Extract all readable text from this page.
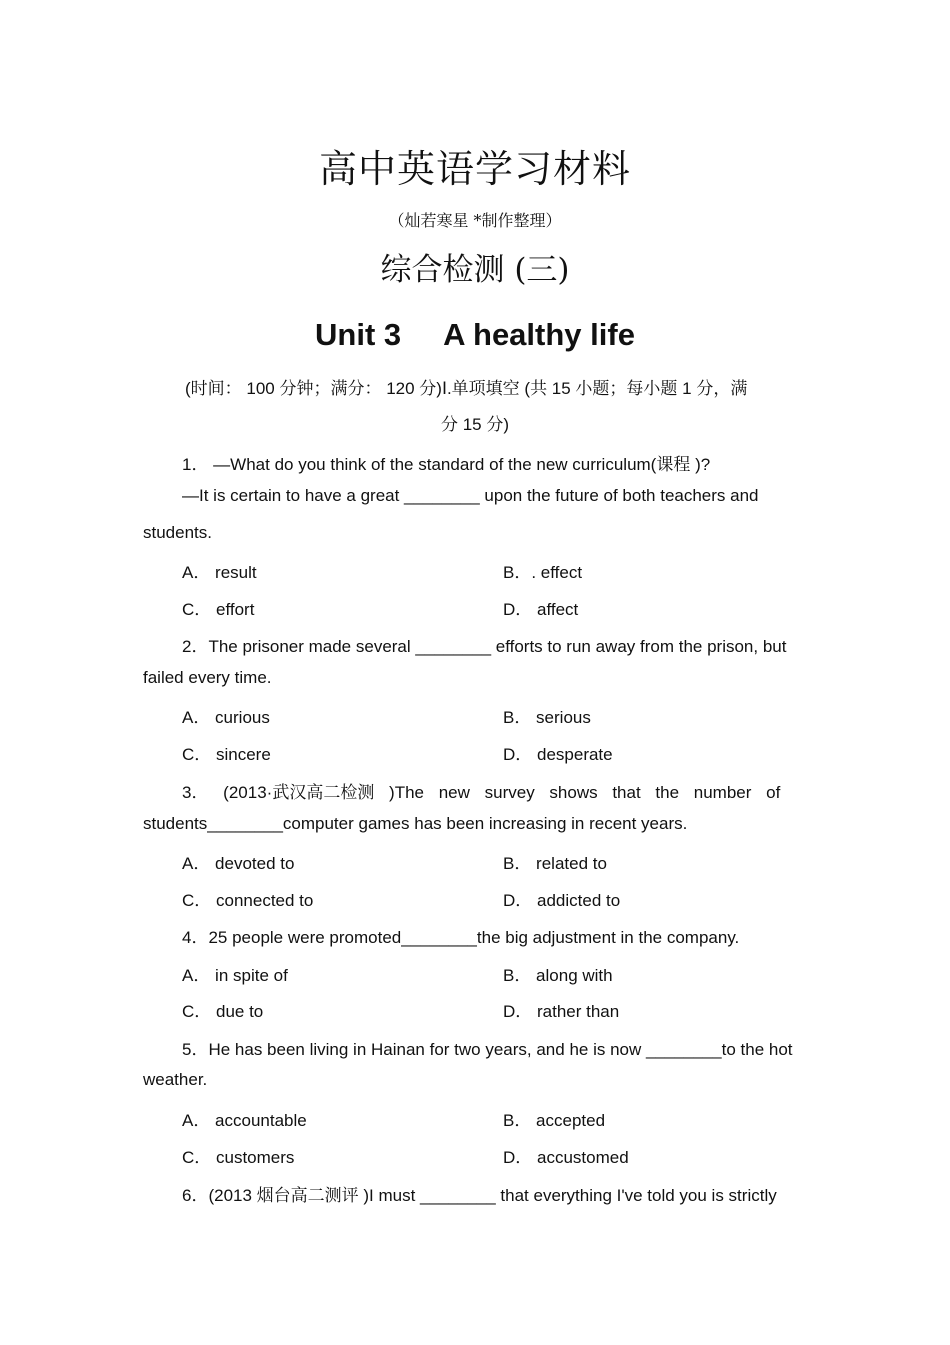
高中英语学习材料
（灿若寒星 *制作整理）
综合检测 (三)
Unit 3 A healthy life
(时间： 100 分钟；满分： 120 分)Ⅰ.单项填空 (共 15 小题；每小题 1 分，满
分 15 分)
1． —What do you think of the standard of the new curriculum(课程 )?
—It is certain to have a great ________ upon the future of both teachers and
students.
A． result	B．. effect
C． effort	D． affect
2．The prisoner made several ________ efforts to run away from the prison, but
failed every time.
A． curious	B． serious
C． sincere	D． desperate
3． (2013·武汉高二检测 )The new survey shows that the number of
students________computer games has been increasing in recent years.
A． devoted to	B． related to
C． connected to	D． addicted to
4．25 people were promoted________the big adjustment in the company.
A． in spite of	B． along with
C． due to	D． rather than
5．He has been living in Hainan for two years, and he is now ________to the hot
weather.
A． accountable	B． accepted
C． customers	D． accustomed
6．(2013 烟台高二测评 )I must ________ that everything I've told you is strictly
